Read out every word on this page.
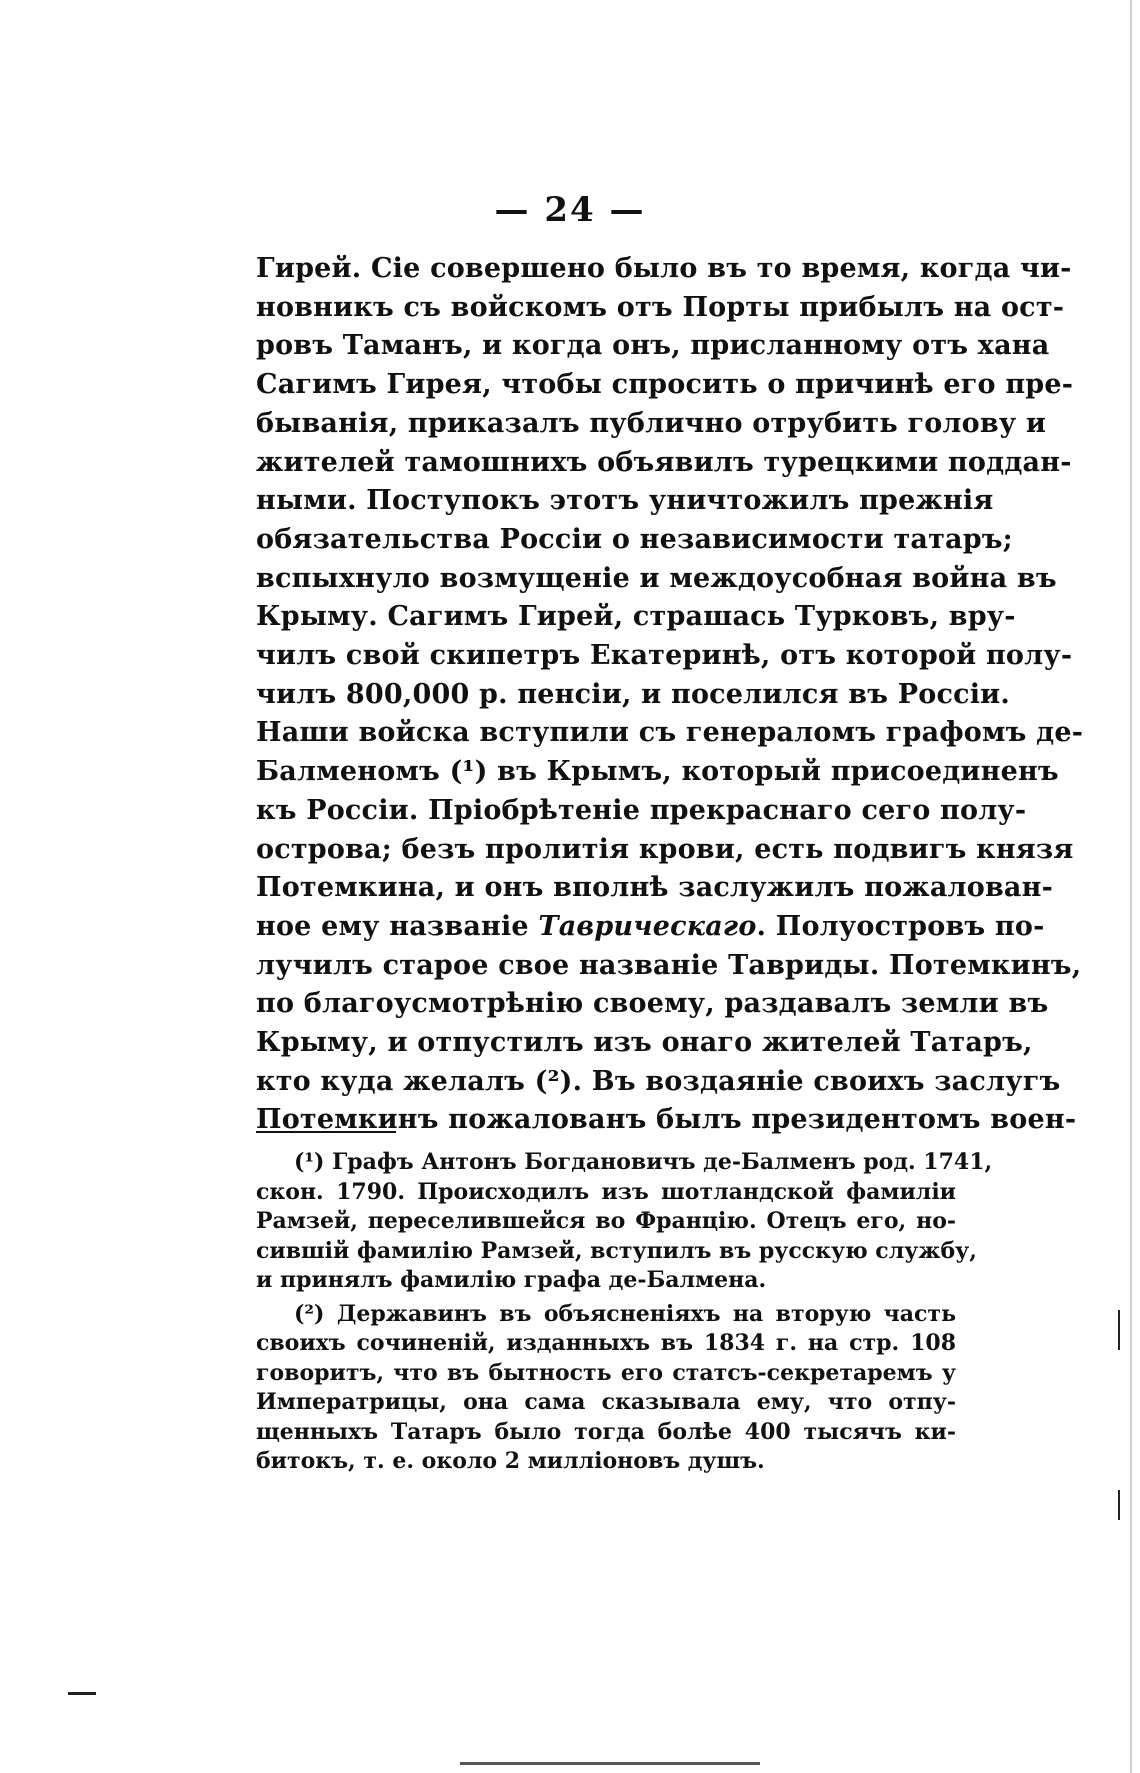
— 24 —
Гирей. Сіе совершено было въ то время, когда чи-
новникъ съ войскомъ отъ Порты прибылъ на ост-
ровъ Таманъ, и когда онъ, присланному отъ хана
Сагимъ Гирея, чтобы спросить о причинѣ его пре-
быванія, приказалъ публично отрубить голову и
жителей тамошнихъ объявилъ турецкими поддан-
ными. Поступокъ этотъ уничтожилъ прежнія
обязательства Россіи о независимости татаръ;
вспыхнуло возмущеніе и междоусобная война въ
Крыму. Сагимъ Гирей, страшась Турковъ, вру-
чилъ свой скипетръ Екатеринѣ, отъ которой полу-
чилъ 800,000 р. пенсіи, и поселился въ Россіи.
Наши войска вступили съ генераломъ графомъ де-
Балменомъ (¹) въ Крымъ, который присоединенъ
къ Россіи. Пріобрѣтеніе прекраснаго сего полу-
острова; безъ пролитія крови, есть подвигъ князя
Потемкина, и онъ вполнѣ заслужилъ пожалован-
ное ему названіе Таврическаго. Полуостровъ по-
лучилъ старое свое названіе Тавриды. Потемкинъ,
по благоусмотрѣнію своему, раздавалъ земли въ
Крыму, и отпустилъ изъ онаго жителей Татаръ,
кто куда желалъ (²). Въ воздаяніе своихъ заслугъ
Потемкинъ пожалованъ былъ президентомъ воен-
(¹) Графъ Антонъ Богдановичъ де-Балменъ род. 1741,
скон. 1790. Происходилъ изъ шотландской фамиліи
Рамзей, переселившейся во Францію. Отецъ его, но-
сившій фамилію Рамзей, вступилъ въ русскую службу,
и принялъ фамилію графа де-Балмена.
(²) Державинъ въ объясненіяхъ на вторую часть
своихъ сочиненій, изданныхъ въ 1834 г. на стр. 108
говоритъ, что въ бытность его статсъ-секретаремъ у
Императрицы, она сама сказывала ему, что отпу-
щенныхъ Татаръ было тогда болѣе 400 тысячъ ки-
битокъ, т. е. около 2 милліоновъ душъ.
